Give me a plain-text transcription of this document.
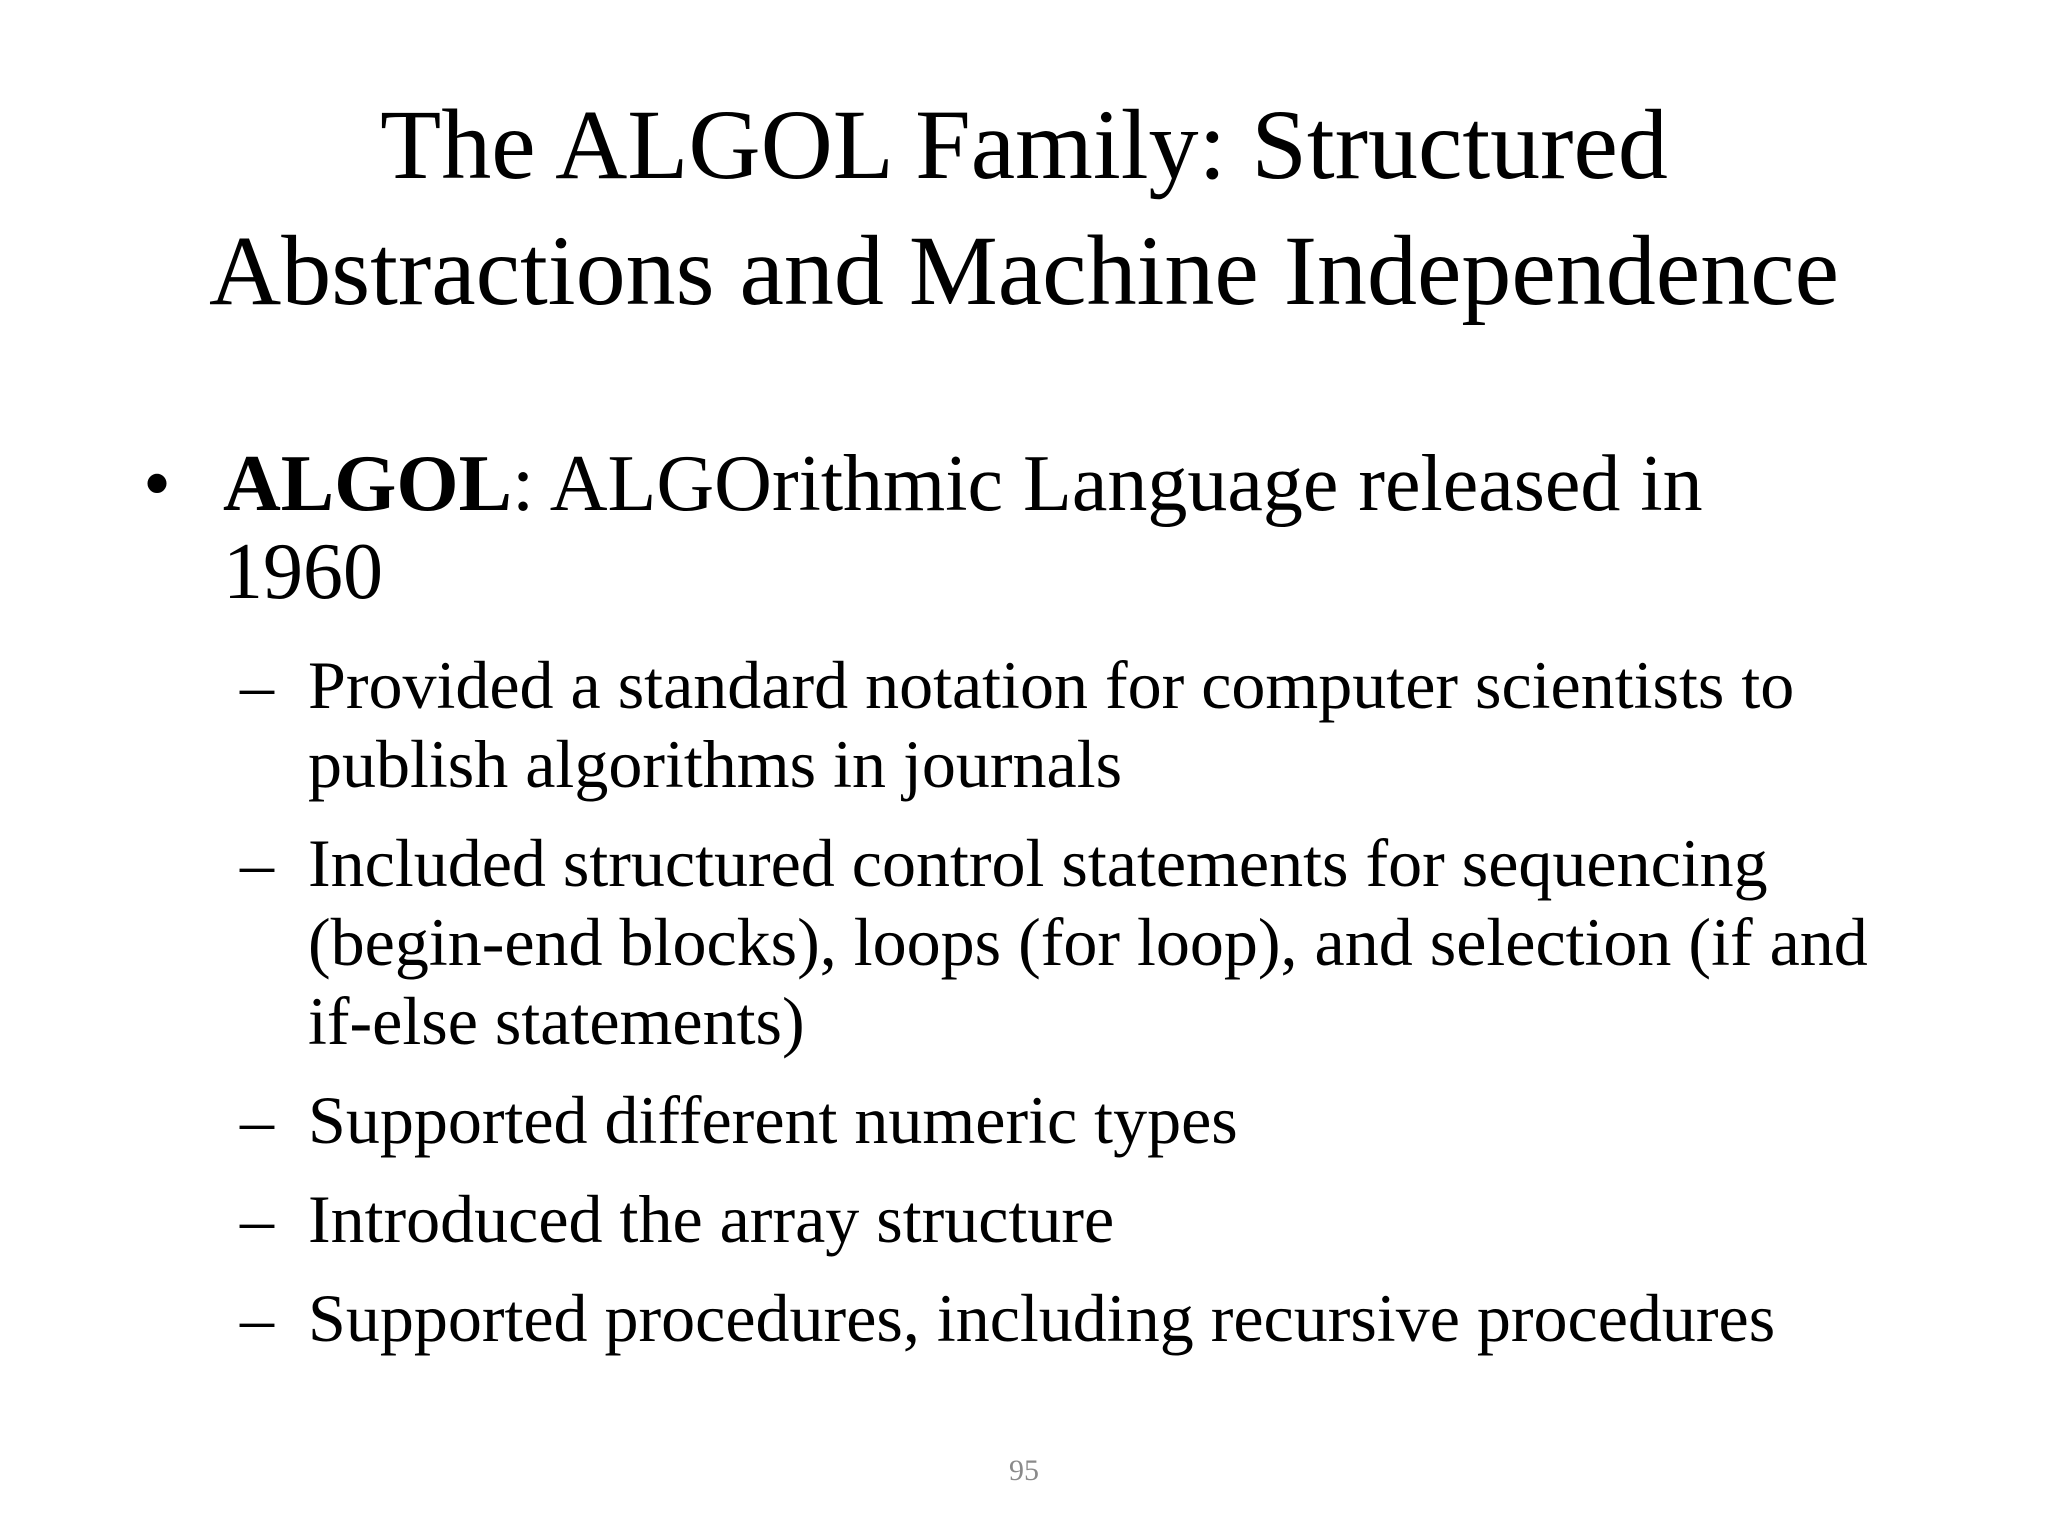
The ALGOL Family: Structured
Abstractions and Machine Independence
• ALGOL: ALGOrithmic Language released in 1960
– Provided a standard notation for computer scientists to publish algorithms in journals
– Included structured control statements for sequencing (begin-end blocks), loops (for loop), and selection (if and if-else statements)
– Supported different numeric types
– Introduced the array structure
– Supported procedures, including recursive procedures
95
